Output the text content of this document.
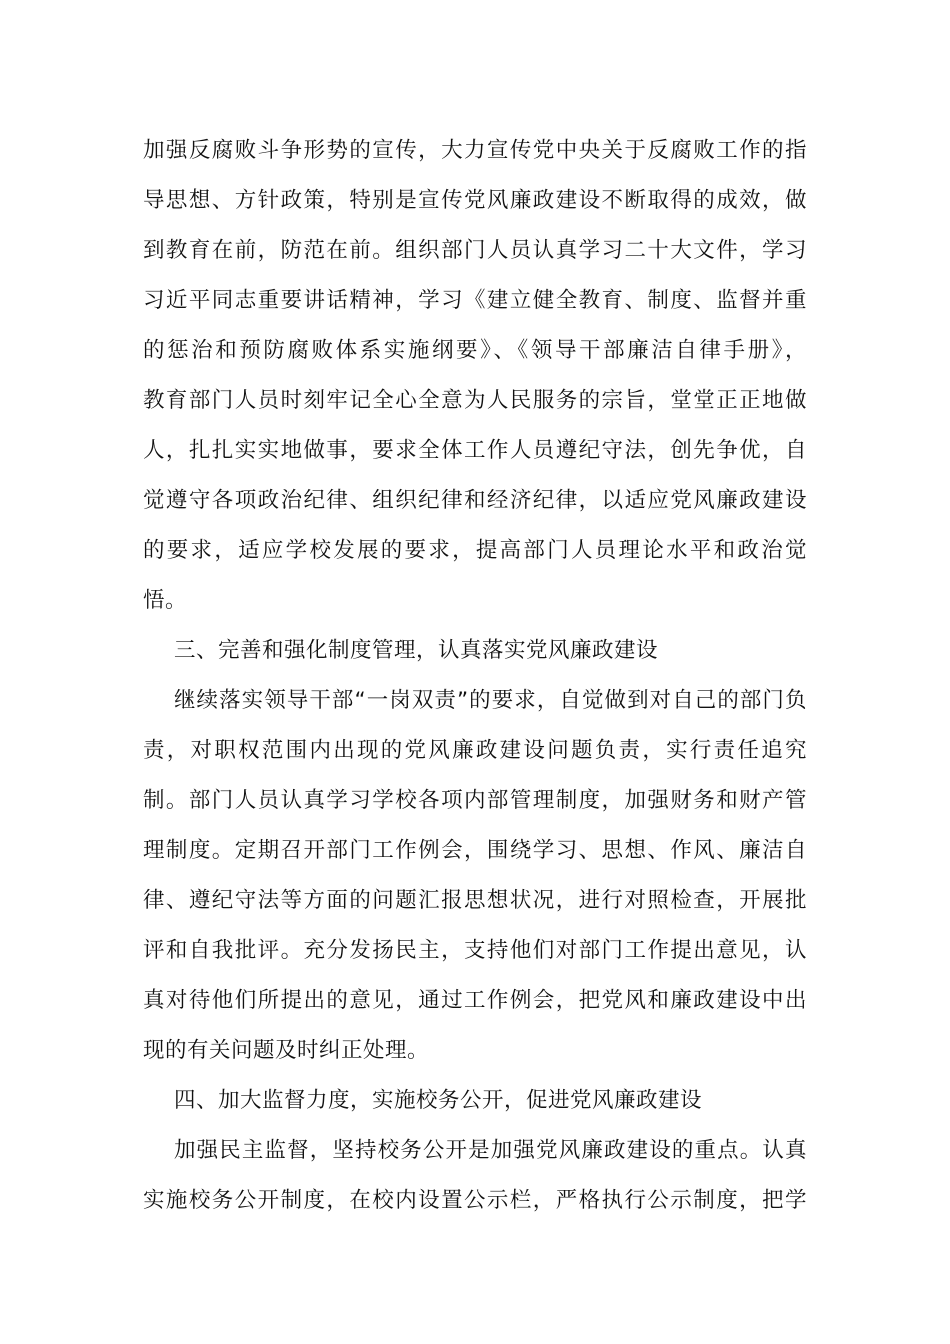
加强反腐败斗争形势的宣传，大力宣传党中央关于反腐败工作的指
导思想、方针政策，特别是宣传党风廉政建设不断取得的成效，做
到教育在前，防范在前。组织部门人员认真学习二十大文件，学习
习近平同志重要讲话精神，学习《建立健全教育、制度、监督并重
的惩治和预防腐败体系实施纲要》、《领导干部廉洁自律手册》，
教育部门人员时刻牢记全心全意为人民服务的宗旨，堂堂正正地做
人，扎扎实实地做事，要求全体工作人员遵纪守法，创先争优，自
觉遵守各项政治纪律、组织纪律和经济纪律，以适应党风廉政建设
的要求，适应学校发展的要求，提高部门人员理论水平和政治觉
悟。
三、完善和强化制度管理，认真落实党风廉政建设
继续落实领导干部“一岗双责”的要求，自觉做到对自己的部门负
责，对职权范围内出现的党风廉政建设问题负责，实行责任追究
制。部门人员认真学习学校各项内部管理制度，加强财务和财产管
理制度。定期召开部门工作例会，围绕学习、思想、作风、廉洁自
律、遵纪守法等方面的问题汇报思想状况，进行对照检查，开展批
评和自我批评。充分发扬民主，支持他们对部门工作提出意见，认
真对待他们所提出的意见，通过工作例会，把党风和廉政建设中出
现的有关问题及时纠正处理。
四、加大监督力度，实施校务公开，促进党风廉政建设
加强民主监督，坚持校务公开是加强党风廉政建设的重点。认真
实施校务公开制度，在校内设置公示栏，严格执行公示制度，把学
